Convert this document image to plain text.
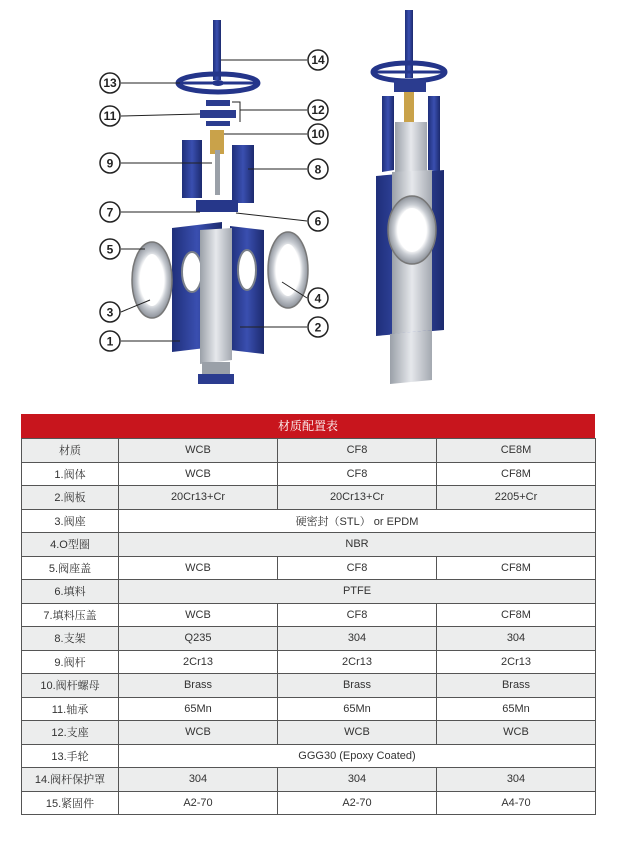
1
2
3
4
5
6
7
8
9
10
11	12
13
14
材质配置表
材质	WCB	CF8	CE8M
1.阀体	WCB	CF8	CF8M
2.阀板	20Cr13+Cr	20Cr13+Cr	2205+Cr
3.阀座	硬密封（STL） or EPDM		
4.O型圈	NBR		
5.阀座盖	WCB	CF8	CF8M
6.填料	PTFE		
7.填料压盖	WCB	CF8	CF8M
8.支架	Q235	304	304
9.阀杆	2Cr13	2Cr13	2Cr13
10.阀杆螺母	Brass	Brass	Brass
11.轴承	65Mn	65Mn	65Mn
12.支座	WCB	WCB	WCB
13.手轮	GGG30 (Epoxy Coated)		
14.阀杆保护罩	304	304	304
15.紧固件	A2-70	A2-70	A4-70
